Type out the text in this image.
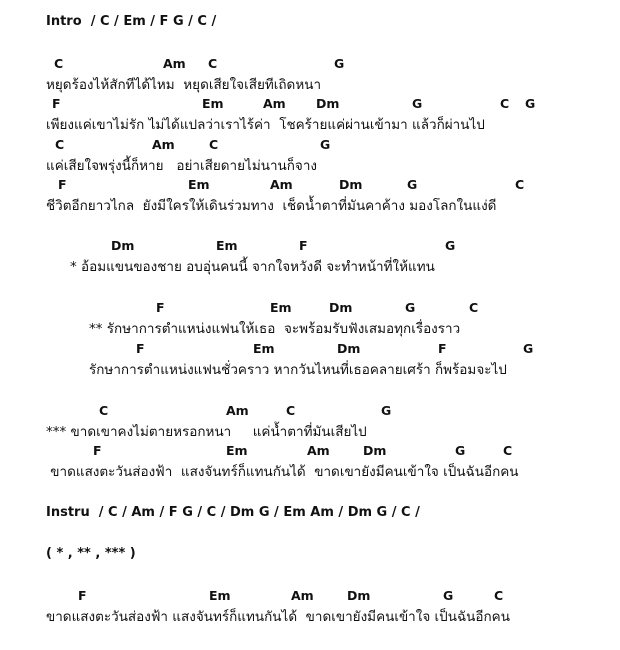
Intro  / C / Em / F G / C /
Instru  / C / Am / F G / C / Dm G / Em Am / Dm G / C /
( * , ** , *** )
C	Am C	G
หยุดร้องไห้สักทีได้ไหม  หยุดเสียใจเสียทีเถิดหนา
F	Em	Am Dm	G	C G
เพียงแค่เขาไม่รัก ไม่ได้แปลว่าเราไร้ค่า  โชคร้ายแค่ผ่านเข้ามา แล้วก็ผ่านไป
C	Am	C	G
แค่เสียใจพรุ่งนี้ก็หาย   อย่าเสียดายไม่นานก็จาง
F	Em	Am	Dm	G	C
ชีวิตอีกยาวไกล  ยังมีใครให้เดินร่วมทาง  เช็ดน้ำตาที่มันคาค้าง มองโลกในแง่ดี
Dm	Em	F	G
* อ้อมแขนของชาย อบอุ่นคนนี้ จากใจหวังดี จะทำหน้าที่ให้แทน
F	Em	Dm	G	C
** รักษาการตำแหน่งแฟนให้เธอ  จะพร้อมรับฟังเสมอทุกเรื่องราว
F	Em	Dm	F	G
รักษาการตำแหน่งแฟนชั่วคราว หากวันไหนที่เธอคลายเศร้า ก็พร้อมจะไป
C	Am	C	G
*** ขาดเขาคงไม่ตายหรอกหนา     แค่น้ำตาที่มันเสียไป
F	Em	Am	Dm	G	C
ขาดแสงตะวันส่องฟ้า  แสงจันทร์ก็แทนกันได้  ขาดเขายังมีคนเข้าใจ เป็นฉันอีกคน
F	Em	Am	Dm	G	C
ขาดแสงตะวันส่องฟ้า แสงจันทร์ก็แทนกันได้  ขาดเขายังมีคนเข้าใจ เป็นฉันอีกคน
